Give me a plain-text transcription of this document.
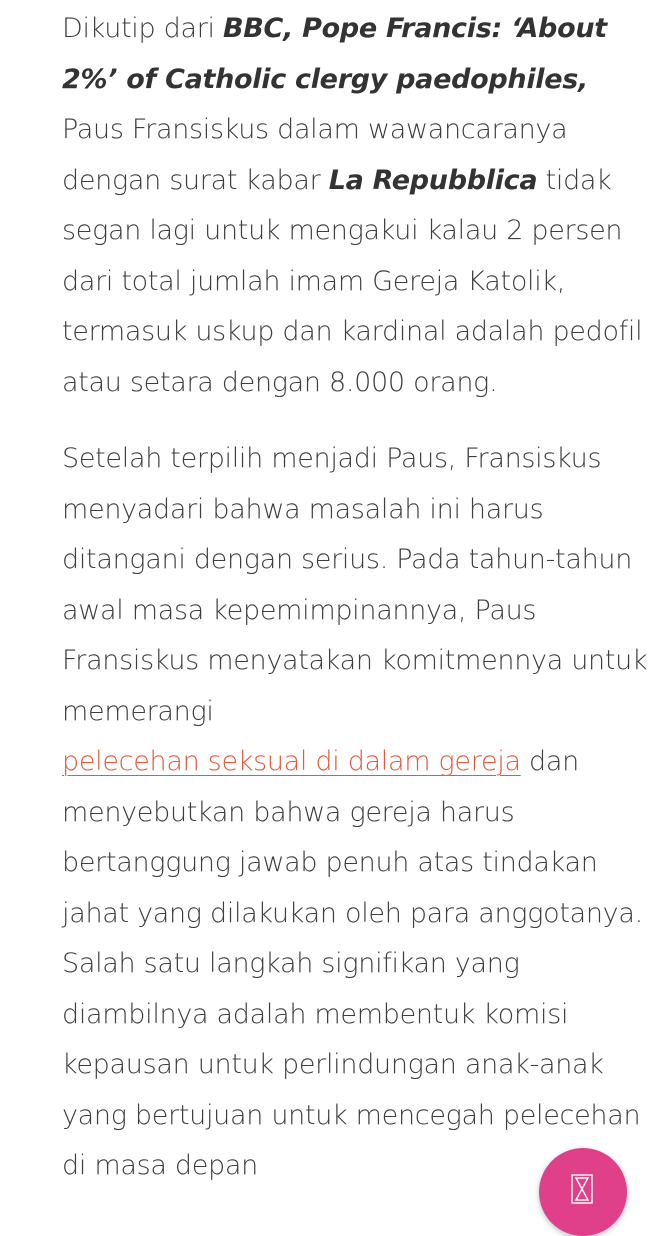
Dikutip dari BBC, Pope Francis: ‘About 2%’ of Catholic clergy paedophiles, Paus Fransiskus dalam wawancaranya dengan surat kabar La Repubblica tidak segan lagi untuk mengakui kalau 2 persen dari total jumlah imam Gereja Katolik, termasuk uskup dan kardinal adalah pedofil atau setara dengan 8.000 orang.

Setelah terpilih menjadi Paus, Fransiskus menyadari bahwa masalah ini harus ditangani dengan serius. Pada tahun-tahun awal masa kepemimpinannya, Paus Fransiskus menyatakan komitmennya untuk memerangi
pelecehan seksual di dalam gereja dan menyebutkan bahwa gereja harus bertanggung jawab penuh atas tindakan jahat yang dilakukan oleh para anggotanya. Salah satu langkah signifikan yang diambilnya adalah membentuk komisi kepausan untuk perlindungan anak-anak yang bertujuan untuk mencegah pelecehan di masa depan
